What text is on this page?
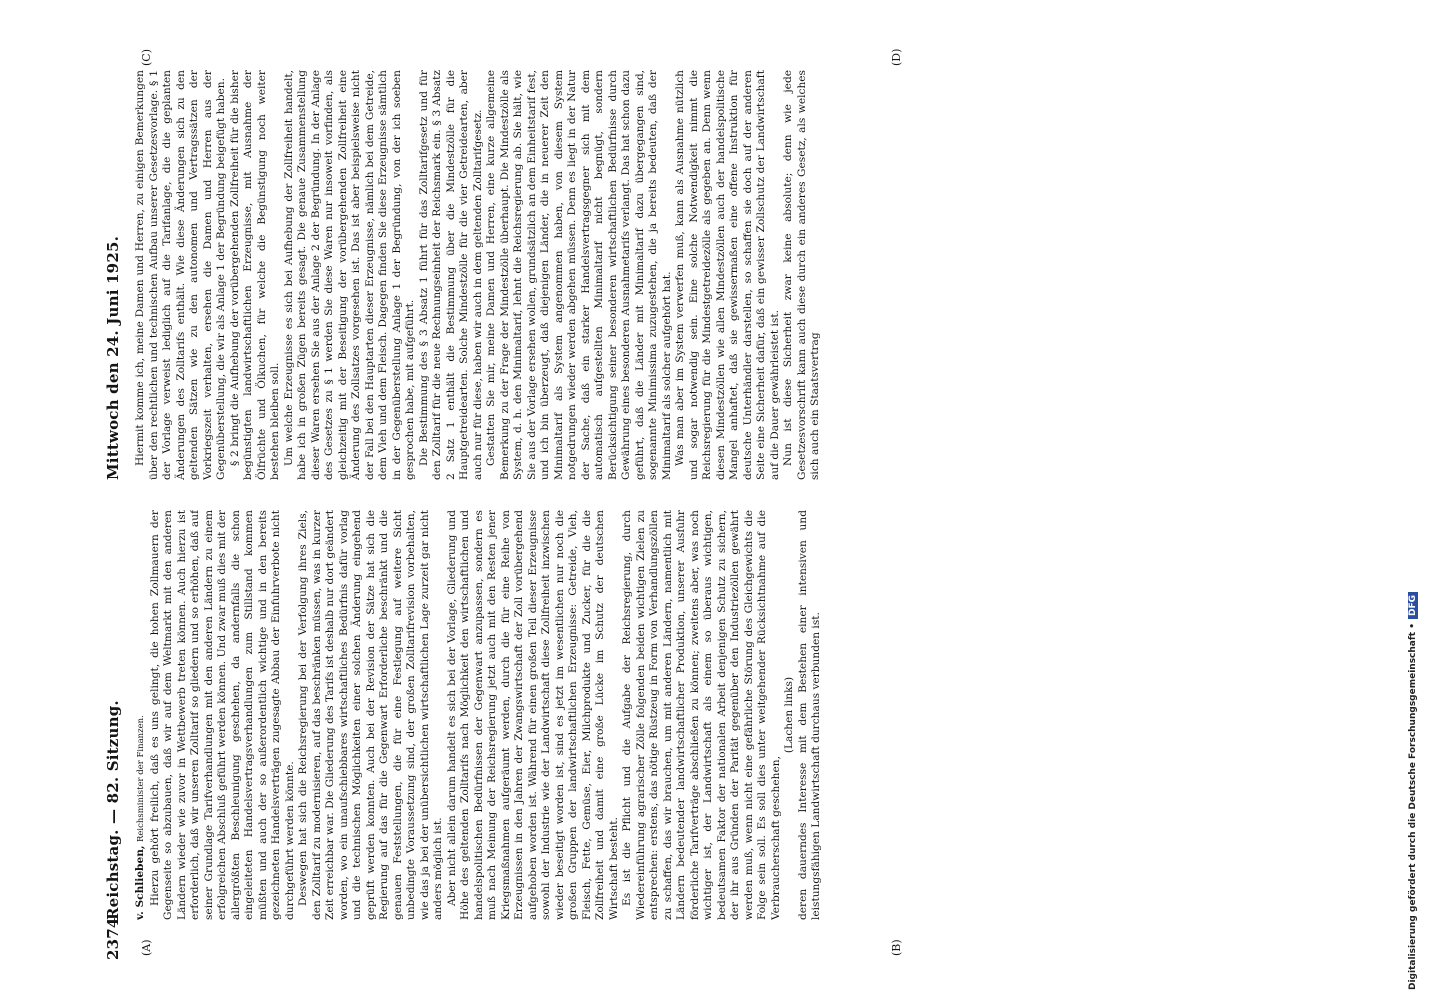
2374
Reichstag. — 82. Sitzung.
Mittwoch den 24. Juni 1925.
(A)	(B)
(C)	(D)

v. Schlieben, Reichsminister der Finanzen. Hierzu gehört freilich, daß es uns gelingt, die hohen Zollmauern der Gegenseite so abzubauen, daß wir auf dem Weltmarkt mit den anderen Ländern wieder wie zuvor in Wettbewerb treten können. Auch hierzu ist erforderlich, daß wir unseren Zolltarif so gliedern und so erhöhen, daß auf seiner Grundlage Tarifverhandlungen mit den anderen Ländern zu einem erfolgreichen Abschluß geführt werden können. Und zwar muß dies mit der allergrößten Beschleunigung geschehen, da andernfalls die schon eingeleiteten Handelsvertragsverhandlungen zum Stillstand kommen müßten und auch der so außerordentlich wichtige und in den bereits gezeichneten Handelsverträgen zugesagte Abbau der Einfuhrverbote nicht durchgeführt werden könnte. Deswegen hat sich die Reichsregierung bei der Verfolgung ihres Ziels, den Zolltarif zu modernisieren, auf das beschränken müssen, was in kurzer Zeit erreichbar war. Die Gliederung des Tarifs ist deshalb nur dort geändert worden, wo ein unaufschiebbares wirtschaftliches Bedürfnis dafür vorlag und die technischen Möglichkeiten einer solchen Änderung eingehend geprüft werden konnten. Auch bei der Revision der Sätze hat sich die Regierung auf das für die Gegenwart Erforderliche beschränkt und die genauen Feststellungen, die für eine Festlegung auf weitere Sicht unbedingte Voraussetzung sind, der großen Zolltarifrevision vorbehalten, wie das ja bei der unübersichtlichen wirtschaftlichen Lage zurzeit gar nicht anders möglich ist. Aber nicht allein darum handelt es sich bei der Vorlage, Gliederung und Höhe des geltenden Zolltarifs nach Möglichkeit den wirtschaftlichen und handelspolitischen Bedürfnissen der Gegenwart anzupassen, sondern es muß nach Meinung der Reichsregierung jetzt auch mit den Resten jener Kriegsmaßnahmen aufgeräumt werden, durch die für eine Reihe von Erzeugnissen in den Jahren der Zwangswirtschaft der Zoll vorübergehend aufgehoben worden ist. Während für einen großen Teil dieser Erzeugnisse sowohl der Industrie wie der Landwirtschaft diese Zollfreiheit inzwischen wieder beseitigt worden ist, sind es jetzt im wesentlichen nur noch die großen Gruppen der landwirtschaftlichen Erzeugnisse: Getreide, Vieh, Fleisch, Fette, Gemüse, Eier, Milchprodukte und Zucker, für die die Zollfreiheit und damit eine große Lücke im Schutz der deutschen Wirtschaft besteht. Es ist die Pflicht und die Aufgabe der Reichsregierung, durch Wiedereinführung agrarischer Zölle folgenden beiden wichtigen Zielen zu entsprechen: erstens, das nötige Rüstzeug in Form von Verhandlungszöllen zu schaffen, das wir brauchen, um mit anderen Ländern, namentlich mit Ländern bedeutender landwirtschaftlicher Produktion, unserer Ausfuhr förderliche Tarifverträge abschließen zu können; zweitens aber, was noch wichtiger ist, der Landwirtschaft als einem so überaus wichtigen, bedeutsamen Faktor der nationalen Arbeit denjenigen Schutz zu sichern, der ihr aus Gründen der Parität gegenüber den Industriezöllen gewährt werden muß, wenn nicht eine gefährliche Störung des Gleichgewichts die Folge sein soll. Es soll dies unter weitgehender Rücksichtnahme auf die Verbraucherschaft geschehen,

(Lachen links) deren dauerndes Interesse mit dem Bestehen einer intensiven und leistungsfähigen Landwirtschaft durchaus verbunden ist.

Hiermit komme ich, meine Damen und Herren, zu einigen Bemerkungen über den rechtlichen und technischen Aufbau unserer Gesetzesvorlage. § 1 der Vorlage verweist lediglich auf die Tarifanlage, die die geplanten Änderungen des Zolltarifs enthält. Wie diese Änderungen sich zu den geltenden Sätzen wie zu den autonomen und Vertragssätzen der Vorkriegszeit verhalten, ersehen die Damen und Herren aus der Gegenüberstellung, die wir als Anlage 1 der Begründung beigefügt haben. § 2 bringt die Aufhebung der vorübergehenden Zollfreiheit für die bisher begünstigten landwirtschaftlichen Erzeugnisse, mit Ausnahme der Ölfrüchte und Ölkuchen, für welche die Begünstigung noch weiter bestehen bleiben soll. Um welche Erzeugnisse es sich bei Aufhebung der Zollfreiheit handelt, habe ich in großen Zügen bereits gesagt. Die genaue Zusammenstellung dieser Waren ersehen Sie aus der Anlage 2 der Begründung. In der Anlage des Gesetzes zu § 1 werden Sie diese Waren nur insoweit vorfinden, als gleichzeitig mit der Beseitigung der vorübergehenden Zollfreiheit eine Änderung des Zollsatzes vorgesehen ist. Das ist aber beispielsweise nicht der Fall bei den Hauptarten dieser Erzeugnisse, nämlich bei dem Getreide, dem Vieh und dem Fleisch. Dagegen finden Sie diese Erzeugnisse sämtlich in der Gegenüberstellung Anlage 1 der Begründung, von der ich soeben gesprochen habe, mit aufgeführt. Die Bestimmung des § 3 Absatz 1 führt für das Zolltarifgesetz und für den Zolltarif für die neue Rechnungseinheit der Reichsmark ein. § 3 Absatz 2 Satz 1 enthält die Bestimmung über die Mindestzölle für die Hauptgetreidearten. Solche Mindestzölle für die vier Getreidearten, aber auch nur für diese, haben wir auch in dem geltenden Zolltarifgesetz. Gestatten Sie mir, meine Damen und Herren, eine kurze allgemeine Bemerkung zu der Frage der Mindestzölle überhaupt. Die Mindestzölle als System, d. h. den Minimaltarif, lehnt die Reichsregierung ab. Sie hält, wie Sie aus der Vorlage ersehen wollen, grundsätzlich an dem Einheitstarif fest, und ich bin überzeugt, daß diejenigen Länder, die in neuerer Zeit den Minimaltarif als System angenommen haben, von diesem System notgedrungen wieder werden abgehen müssen. Denn es liegt in der Natur der Sache, daß ein starker Handelsvertragsgegner sich mit dem automatisch aufgestellten Minimaltarif nicht begnügt, sondern Berücksichtigung seiner besonderen wirtschaftlichen Bedürfnisse durch Gewährung eines besonderen Ausnahmetarifs verlangt. Das hat schon dazu geführt, daß die Länder mit Minimaltarif dazu übergegangen sind, sogenannte Minimissima zuzugestehen, die ja bereits bedeuten, daß der Minimaltarif als solcher aufgehört hat. Was man aber im System verwerfen muß, kann als Ausnahme nützlich und sogar notwendig sein. Eine solche Notwendigkeit nimmt die Reichsregierung für die Mindestgetreidezölle als gegeben an. Denn wenn diesen Mindestzöllen wie allen Mindestzöllen auch der handelspolitische Mangel anhaftet, daß sie gewissermaßen eine offene Instruktion für deutsche Unterhändler darstellen, so schaffen sie doch auf der anderen Seite eine Sicherheit dafür, daß ein gewisser Zollschutz der Landwirtschaft auf die Dauer gewährleistet ist. Nun ist diese Sicherheit zwar keine absolute; denn wie jede Gesetzesvorschrift kann auch diese durch ein anderes Gesetz, als welches sich auch ein Staatsvertrag

Digitalisierung gefördert durch die Deutsche Forschungsgemeinschaft •DFG
